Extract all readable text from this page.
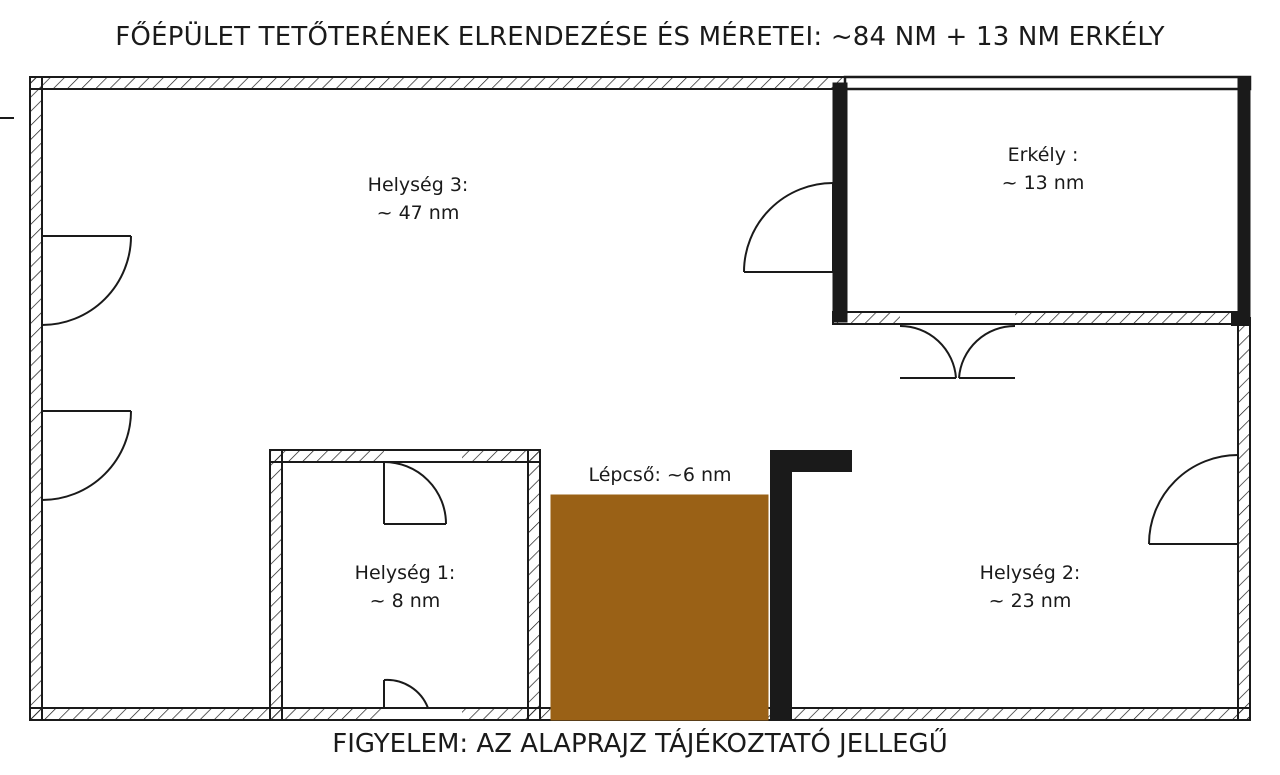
FŐÉPÜLET TETŐTERÉNEK ELRENDEZÉSE ÉS MÉRETEI: ~84 NM + 13 NM ERKÉLY
Helység 3:
~ 47 nm
Erkély :
~ 13 nm
Helység 1:
~ 8 nm
Helység 2:
~ 23 nm
Lépcső: ~6 nm
FIGYELEM: AZ ALAPRAJZ TÁJÉKOZTATÓ JELLEGŰ
